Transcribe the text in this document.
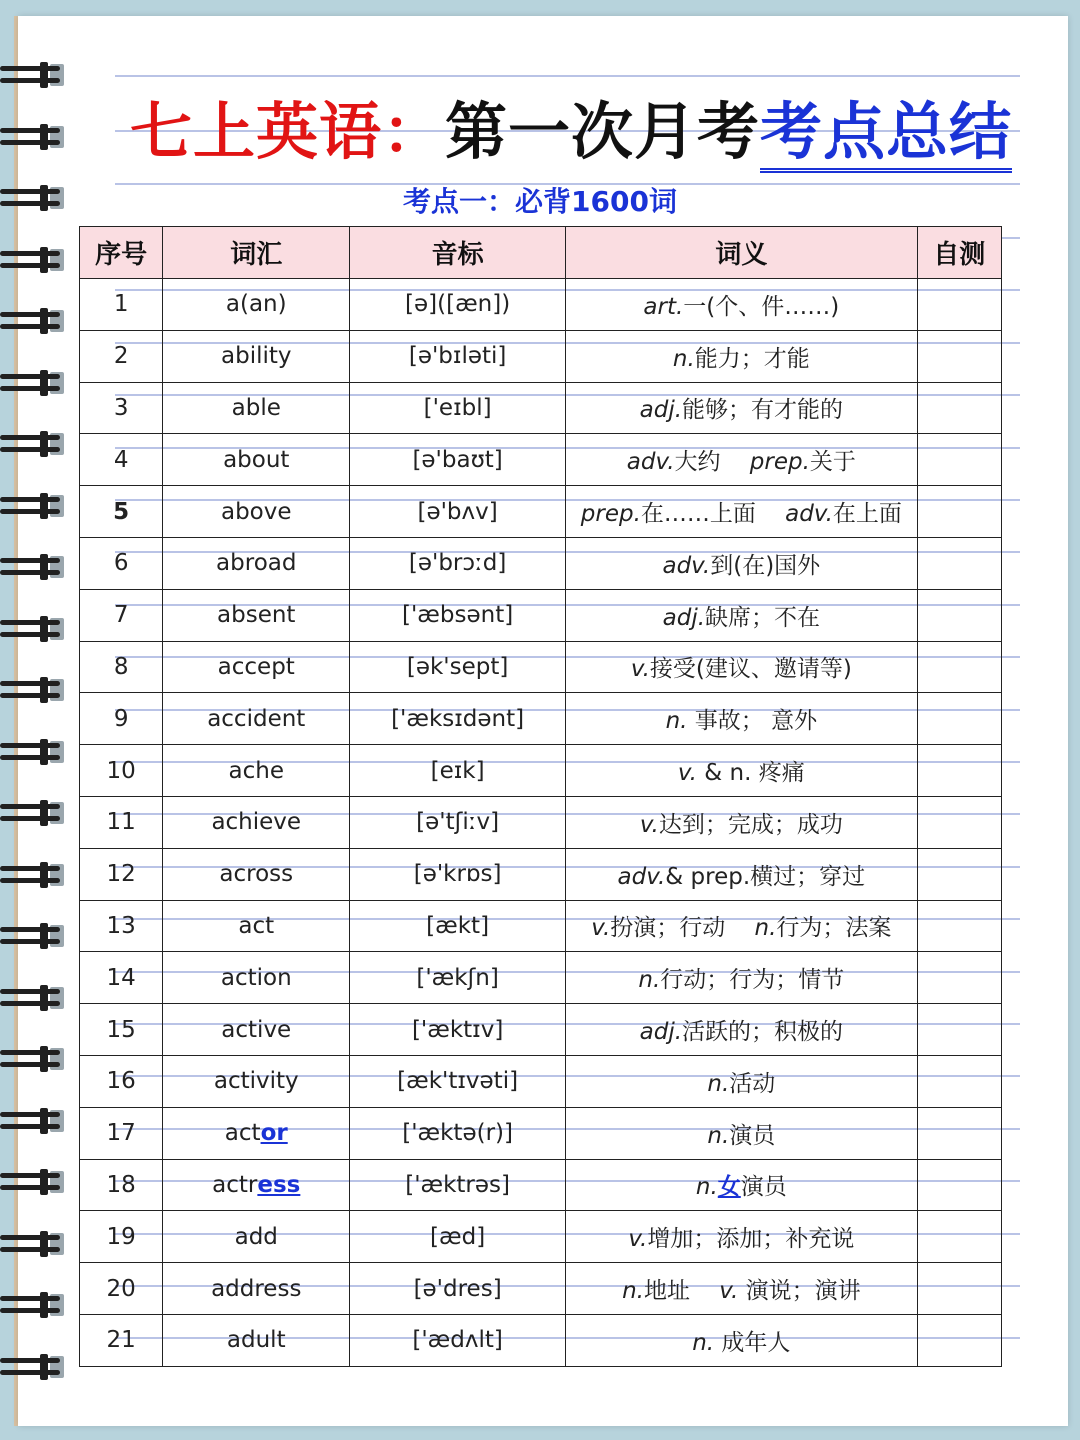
七上英语：第一次月考考点总结
考点一：必背1600词
序号	词汇	音标	词义	自测
1	a(an)	[ə]([æn])	art.一(个、件……)	
2	ability	[ə'bɪləti]	n.能力；才能	
3	able	['eɪbl]	adj.能够；有才能的	
4	about	[ə'baʊt]	adv.大约 prep.关于	
5	above	[ə'bʌv]	prep.在……上面 adv.在上面	
6	abroad	[ə'brɔːd]	adv.到(在)国外	
7	absent	['æbsənt]	adj.缺席；不在	
8	accept	[ək'sept]	v.接受(建议、邀请等)	
9	accident	['æksɪdənt]	n. 事故； 意外	
10	ache	[eɪk]	v. & n. 疼痛	
11	achieve	[ə'tʃiːv]	v.达到；完成；成功	
12	across	[ə'krɒs]	adv.& prep.横过；穿过	
13	act	[ækt]	v.扮演；行动 n.行为；法案	
14	action	['ækʃn]	n.行动；行为；情节	
15	active	['æktɪv]	adj.活跃的；积极的	
16	activity	[æk'tɪvəti]	n.活动	
17	actor	['æktə(r)]	n.演员	
18	actress	['æktrəs]	n.女演员	
19	add	[æd]	v.增加；添加；补充说	
20	address	[ə'dres]	n.地址 v. 演说；演讲	
21	adult	['ædʌlt]	n. 成年人	
